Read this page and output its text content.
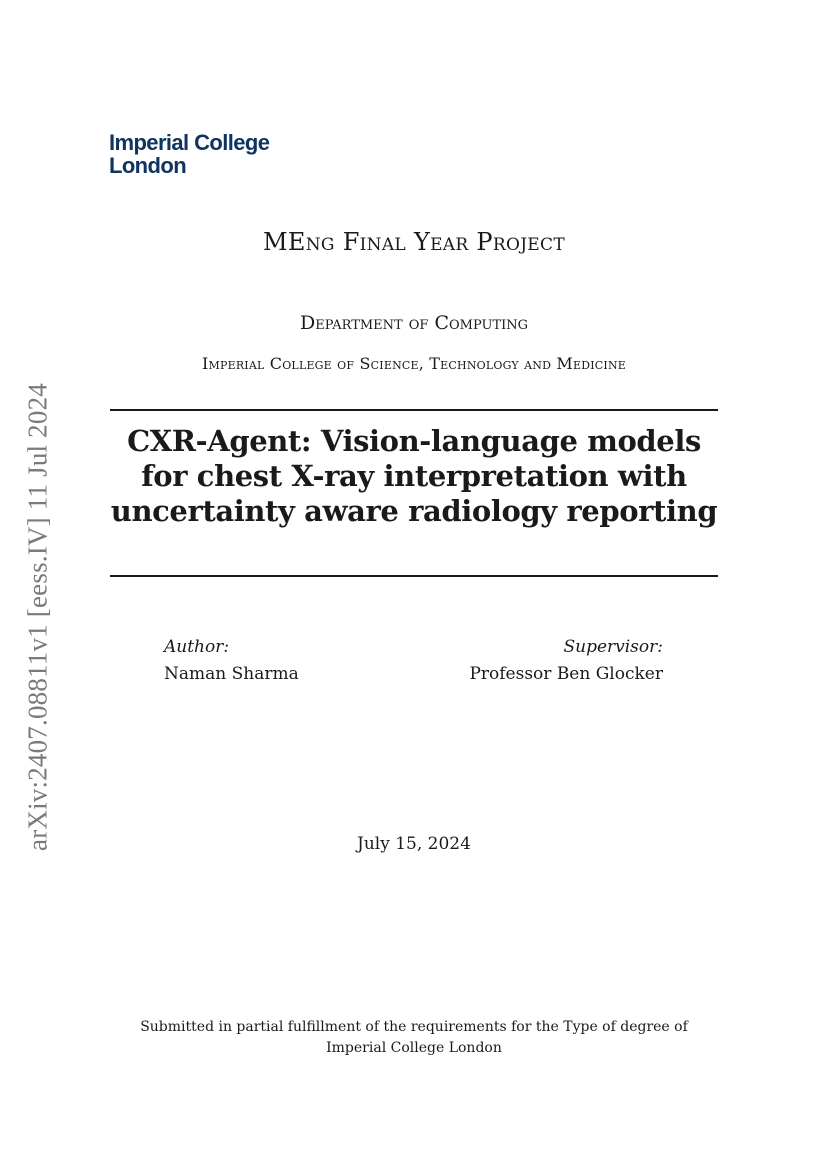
Imperial College
London
MEng Final Year Project
Department of Computing
Imperial College of Science, Technology and Medicine
CXR-Agent: Vision-language models for chest X-ray interpretation with uncertainty aware radiology reporting
Author:
Naman Sharma
Supervisor:
Professor Ben Glocker
July 15, 2024
Submitted in partial fulfillment of the requirements for the Type of degree of
Imperial College London
arXiv:2407.08811v1 [eess.IV] 11 Jul 2024
